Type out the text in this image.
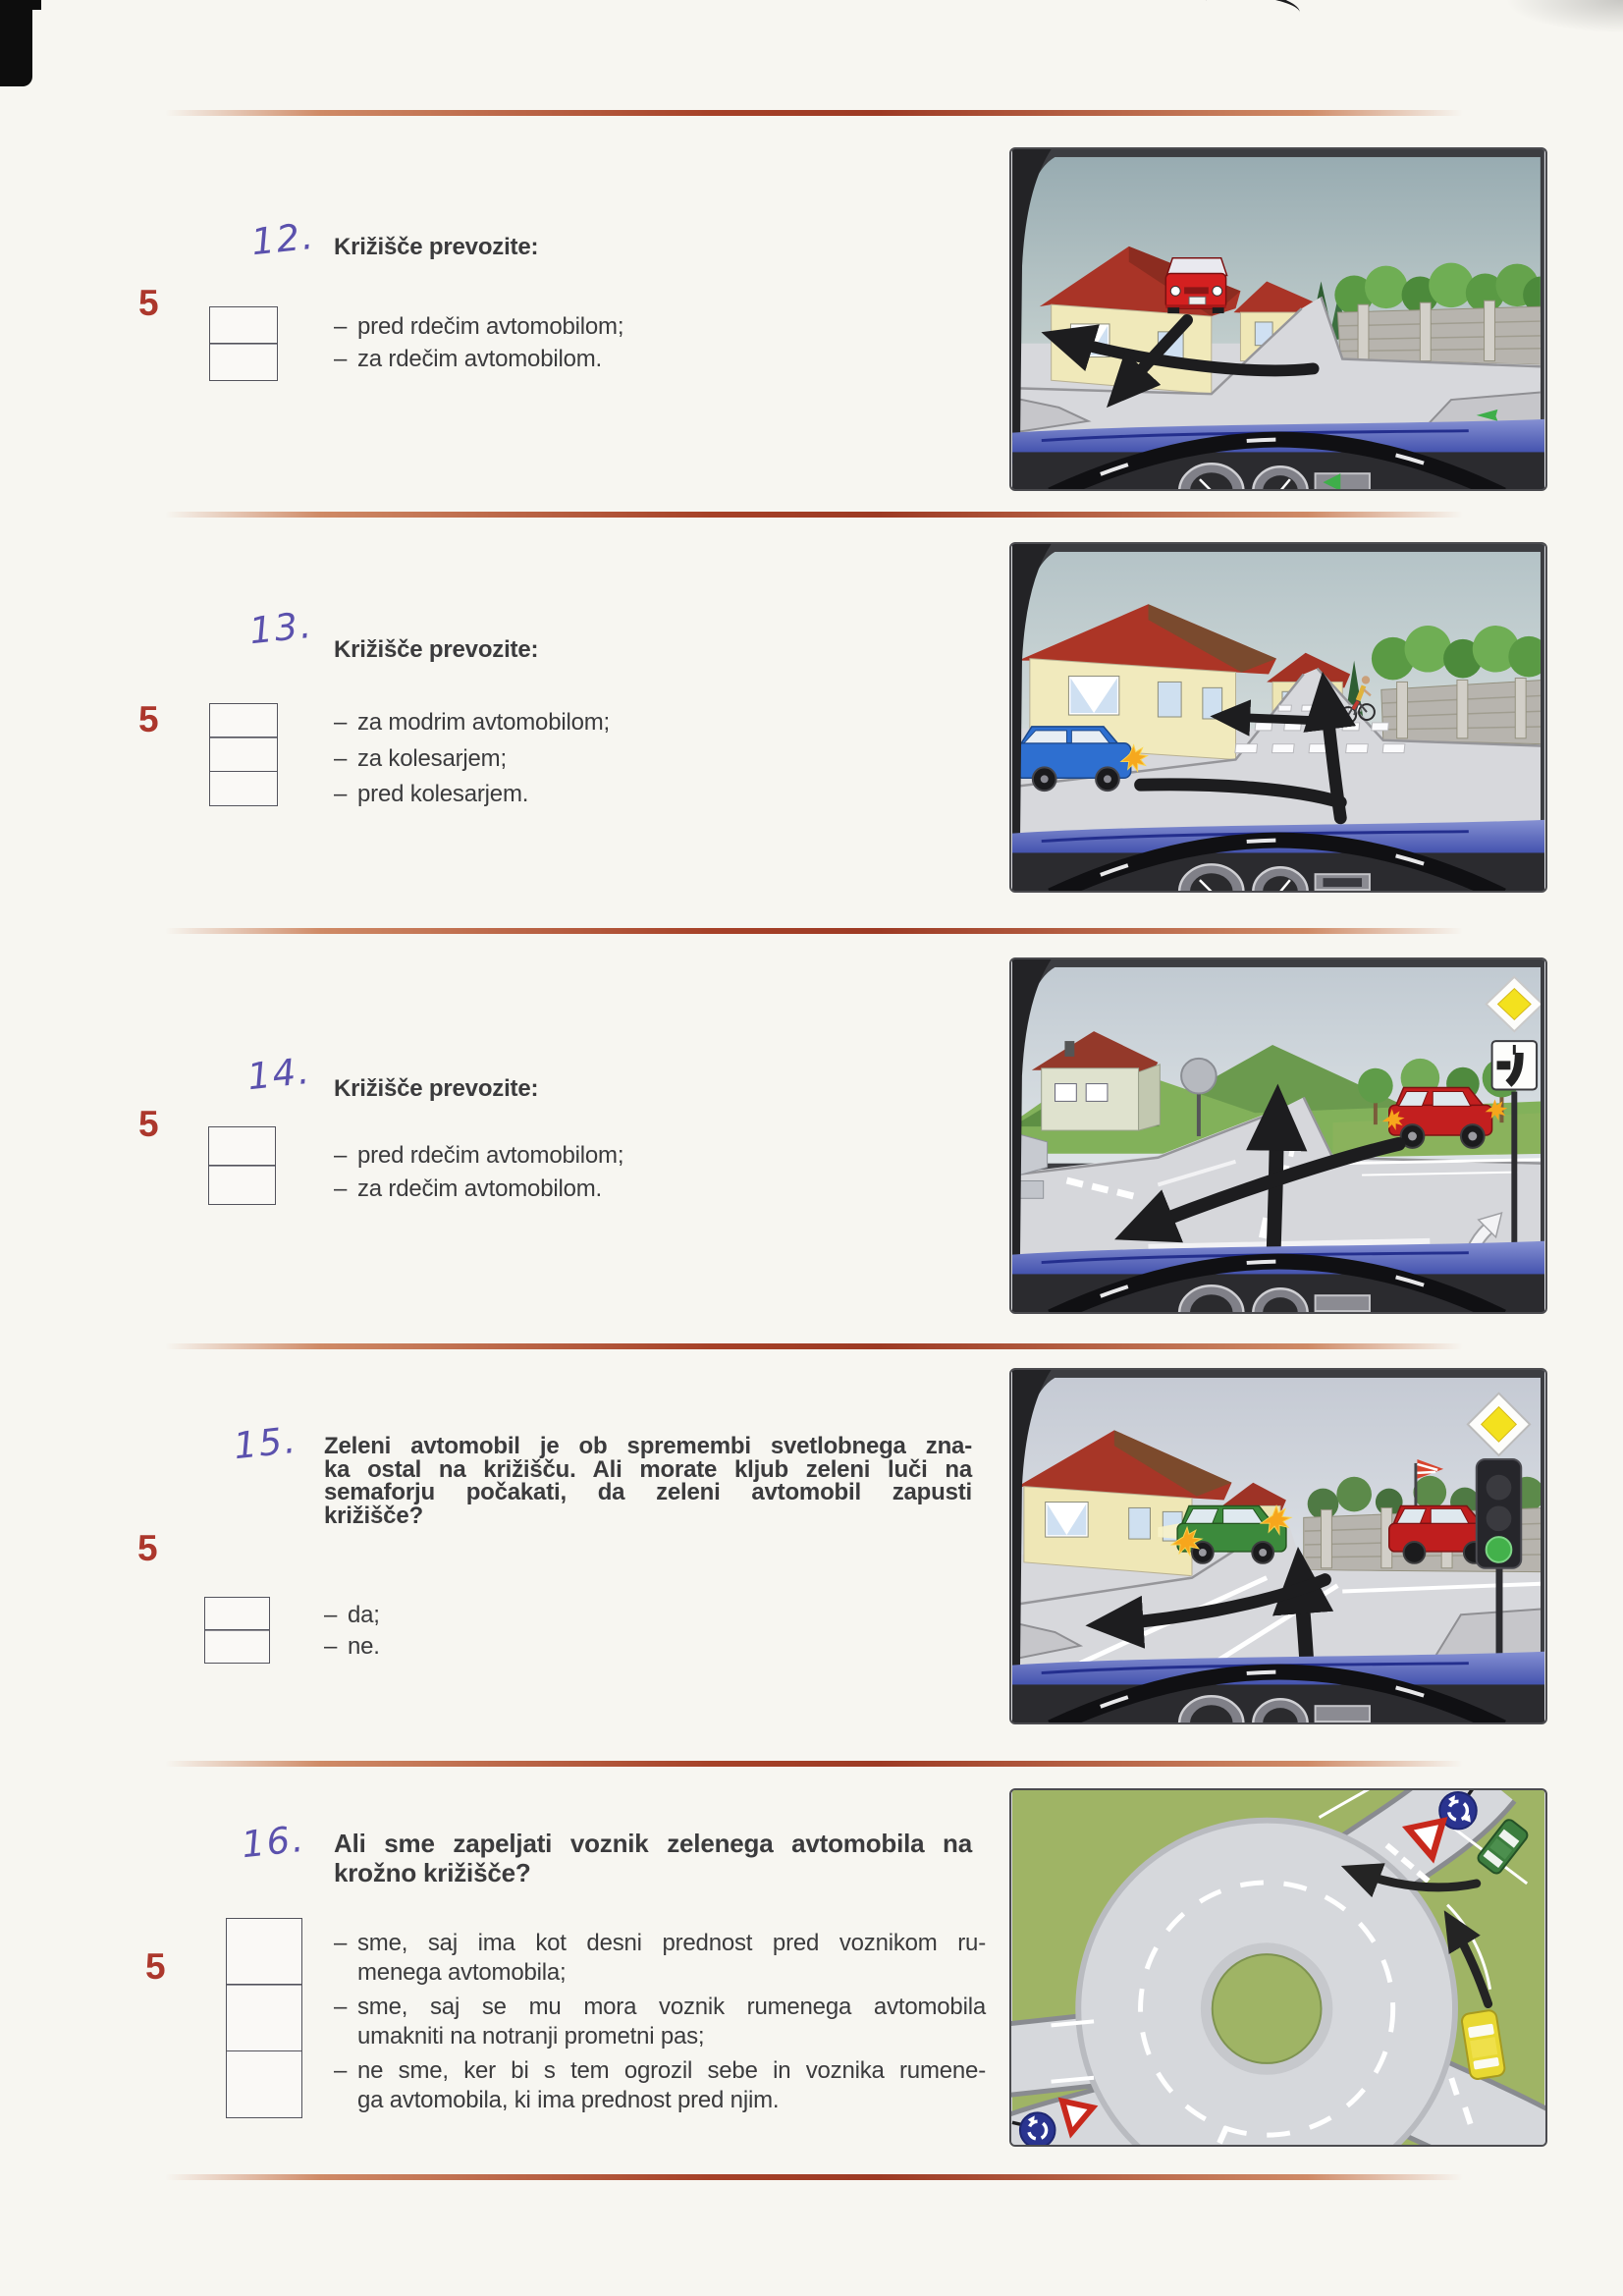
12. Križišče prevozite:
5
– pred rdečim avtomobilom;
– za rdečim avtomobilom.
13. Križišče prevozite:
5	– za modrim avtomobilom;
– za kolesarjem;
– pred kolesarjem.
14. Križišče prevozite:
5
– pred rdečim avtomobilom;
– za rdečim avtomobilom.
15. Zeleni avtomobil je ob spremembi svetlobnega zna-
ka ostal na križišču. Ali morate kljub zeleni luči na
semaforju počakati, da zeleni avtomobil zapusti
križišče?
5
– da;
– ne.
16. Ali sme zapeljati voznik zelenega avtomobila na
krožno križišče?
5
– sme, saj ima kot desni prednost pred voznikom ru-
menega avtomobila;
– sme, saj se mu mora voznik rumenega avtomobila
umakniti na notranji prometni pas;
– ne sme, ker bi s tem ogrozil sebe in voznika rumene-
ga avtomobila, ki ima prednost pred njim.
